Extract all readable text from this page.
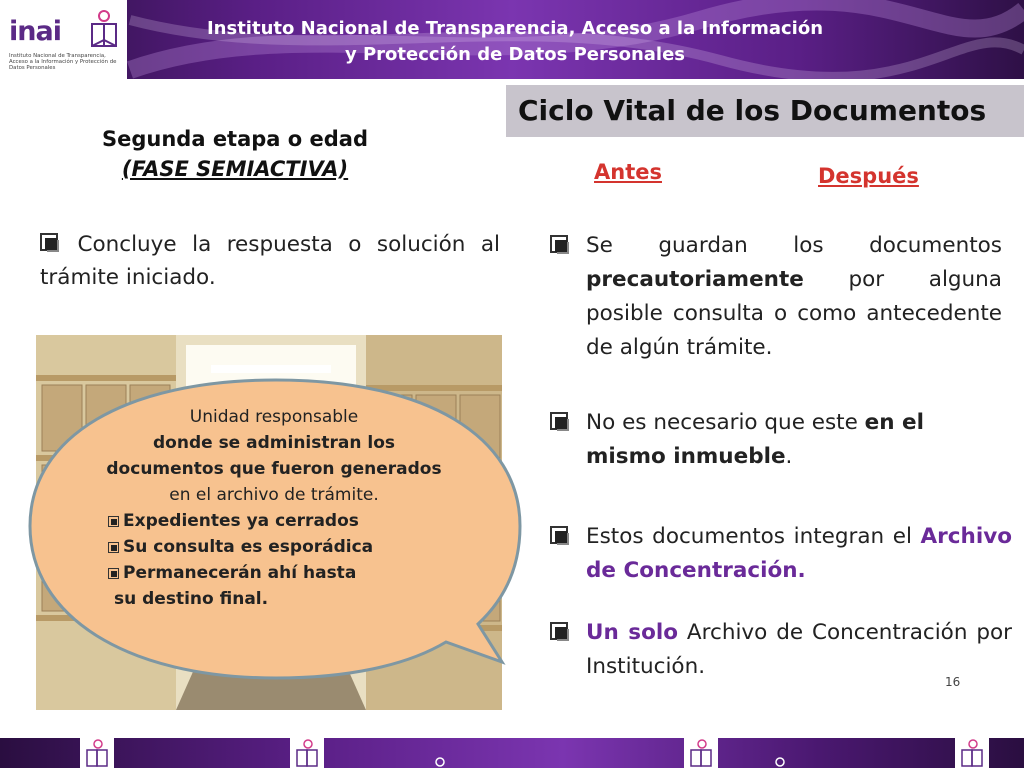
inai
Instituto Nacional de Transparencia, Acceso a la Información y Protección de Datos Personales
Instituto Nacional de Transparencia, Acceso a la Información
y Protección de Datos Personales
Ciclo Vital de los Documentos
Segunda etapa o edad
(FASE SEMIACTIVA)
Concluye la respuesta o solución al trámite iniciado.
Unidad responsable
donde se administran los documentos que fueron generados en el archivo de trámite.
Expedientes ya cerrados
Su consulta es esporádica
Permanecerán ahí hasta
su destino final.
Antes	Después
Se guardan los documentos precautoriamente por alguna posible consulta o como antecedente de algún trámite.
No es necesario que este en el mismo inmueble.
Estos documentos integran el Archivo de Concentración.
Un solo Archivo de Concentración por Institución.
16
